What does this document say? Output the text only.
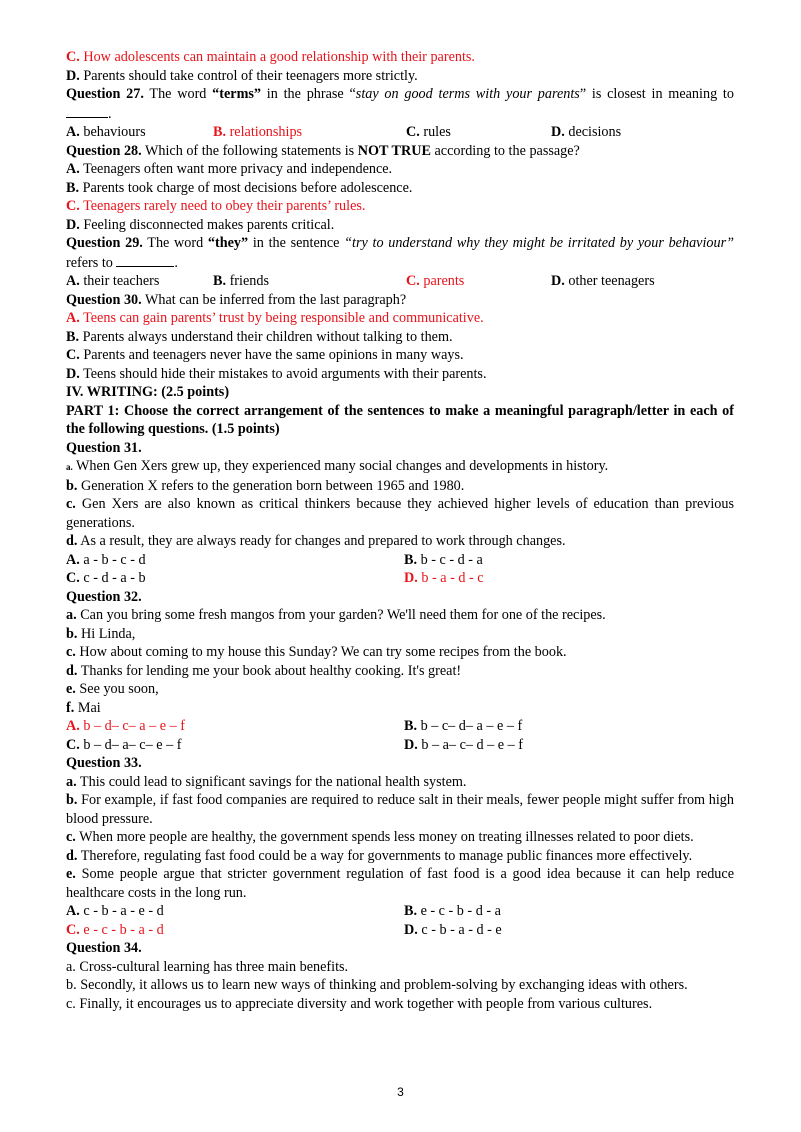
C. How adolescents can maintain a good relationship with their parents.
D. Parents should take control of their teenagers more strictly.
Question 27. The word “terms” in the phrase “stay on good terms with your parents” is closest in meaning to .
A. behaviours	B. relationships	C. rules	D. decisions
Question 28. Which of the following statements is NOT TRUE according to the passage?
A. Teenagers often want more privacy and independence.
B. Parents took charge of most decisions before adolescence.
C. Teenagers rarely need to obey their parents’ rules.
D. Feeling disconnected makes parents critical.
Question 29. The word “they” in the sentence “try to understand why they might be irritated by your behaviour” refers to	.
A. their teachers	B. friends	C. parents	D. other teenagers
Question 30. What can be inferred from the last paragraph?
A. Teens can gain parents’ trust by being responsible and communicative.
B. Parents always understand their children without talking to them.
C. Parents and teenagers never have the same opinions in many ways.
D. Teens should hide their mistakes to avoid arguments with their parents.
IV. WRITING: (2.5 points)
PART 1: Choose the correct arrangement of the sentences to make a meaningful paragraph/letter in each of the following questions. (1.5 points)
Question 31.
a. When Gen Xers grew up, they experienced many social changes and developments in history.
b. Generation X refers to the generation born between 1965 and 1980.
c. Gen Xers are also known as critical thinkers because they achieved higher levels of education than previous generations.
d. As a result, they are always ready for changes and prepared to work through changes.
A. a - b - c - d	B. b - c - d - a
C. c - d - a - b	D. b - a - d - c
Question 32.
a. Can you bring some fresh mangos from your garden? We'll need them for one of the recipes.
b. Hi Linda,
c. How about coming to my house this Sunday? We can try some recipes from the book.
d. Thanks for lending me your book about healthy cooking. It's great!
e. See you soon,
f. Mai
A. b – d– c– a – e – f	B. b – c– d– a – e – f
C. b – d– a– c– e – f	D. b – a– c– d – e – f
Question 33.
a. This could lead to significant savings for the national health system.
b. For example, if fast food companies are required to reduce salt in their meals, fewer people might suffer from high blood pressure.
c. When more people are healthy, the government spends less money on treating illnesses related to poor diets.
d. Therefore, regulating fast food could be a way for governments to manage public finances more effectively.
e. Some people argue that stricter government regulation of fast food is a good idea because it can help reduce healthcare costs in the long run.
A. c - b - a - e - d	B. e - c - b - d - a
C. e - c - b - a - d	D. c - b - a - d - e
Question 34.
a. Cross-cultural learning has three main benefits.
b. Secondly, it allows us to learn new ways of thinking and problem-solving by exchanging ideas with others.
c. Finally, it encourages us to appreciate diversity and work together with people from various cultures.
3
